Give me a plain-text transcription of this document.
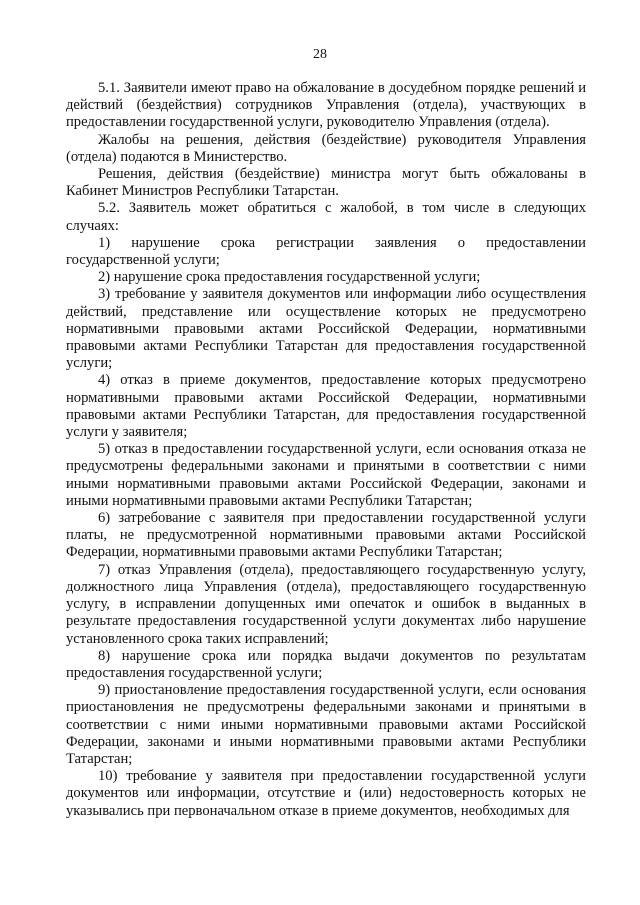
28

5.1. Заявители имеют право на обжалование в досудебном порядке решений и действий (бездействия) сотрудников Управления (отдела), участвующих в предоставлении государственной услуги, руководителю Управления (отдела).

Жалобы на решения, действия (бездействие) руководителя Управления (отдела) подаются в Министерство.

Решения, действия (бездействие) министра могут быть обжалованы в Кабинет Министров Республики Татарстан.

5.2. Заявитель может обратиться с жалобой, в том числе в следующих случаях:

1) нарушение срока регистрации заявления о предоставлении государственной услуги;

2) нарушение срока предоставления государственной услуги;

3) требование у заявителя документов или информации либо осуществления действий, представление или осуществление которых не предусмотрено нормативными правовыми актами Российской Федерации, нормативными правовыми актами Республики Татарстан для предоставления государственной услуги;

4) отказ в приеме документов, предоставление которых предусмотрено нормативными правовыми актами Российской Федерации, нормативными правовыми актами Республики Татарстан, для предоставления государственной услуги у заявителя;

5) отказ в предоставлении государственной услуги, если основания отказа не предусмотрены федеральными законами и принятыми в соответствии с ними иными нормативными правовыми актами Российской Федерации, законами и иными нормативными правовыми актами Республики Татарстан;

6) затребование с заявителя при предоставлении государственной услуги платы, не предусмотренной нормативными правовыми актами Российской Федерации, нормативными правовыми актами Республики Татарстан;

7) отказ Управления (отдела), предоставляющего государственную услугу, должностного лица Управления (отдела), предоставляющего государственную услугу, в исправлении допущенных ими опечаток и ошибок в выданных в результате предоставления государственной услуги документах либо нарушение установленного срока таких исправлений;

8) нарушение срока или порядка выдачи документов по результатам предоставления государственной услуги;

9) приостановление предоставления государственной услуги, если основания приостановления не предусмотрены федеральными законами и принятыми в соответствии с ними иными нормативными правовыми актами Российской Федерации, законами и иными нормативными правовыми актами Республики Татарстан;

10) требование у заявителя при предоставлении государственной услуги документов или информации, отсутствие и (или) недостоверность которых не указывались при первоначальном отказе в приеме документов, необходимых для
